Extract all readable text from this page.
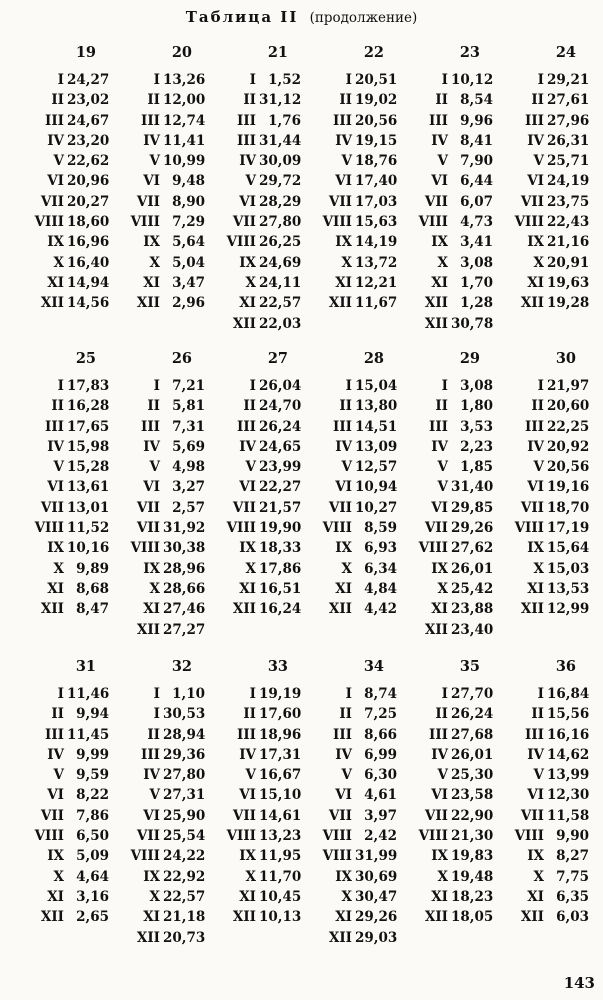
Таблица II (продолжение)
19
I 24,27
II 23,02
III 24,67
IV 23,20
V 22,62
VI 20,96
VII 20,27
VIII 18,60
IX 16,96
X 16,40
XI 14,94
XII 14,56
20
I 13,26
II 12,00
III 12,74
IV 11,41
V 10,99
VI 9,48
VII 8,90
VIII 7,29
IX 5,64
X 5,04
XI 3,47
XII 2,96
21
I 1,52
II 31,12
III 1,76
III 31,44
IV 30,09
V 29,72
VI 28,29
VII 27,80
VIII 26,25
IX 24,69
X 24,11
XI 22,57
XII 22,03
22
I 20,51
II 19,02
III 20,56
IV 19,15
V 18,76
VI 17,40
VII 17,03
VIII 15,63
IX 14,19
X 13,72
XI 12,21
XII 11,67
23
I 10,12
II 8,54
III 9,96
IV 8,41
V 7,90
VI 6,44
VII 6,07
VIII 4,73
IX 3,41
X 3,08
XI 1,70
XII 1,28
XII 30,78
24
I 29,21
II 27,61
III 27,96
IV 26,31
V 25,71
VI 24,19
VII 23,75
VIII 22,43
IX 21,16
X 20,91
XI 19,63
XII 19,28
25
I 17,83
II 16,28
III 17,65
IV 15,98
V 15,28
VI 13,61
VII 13,01
VIII 11,52
IX 10,16
X 9,89
XI 8,68
XII 8,47
26
I 7,21
II 5,81
III 7,31
IV 5,69
V 4,98
VI 3,27
VII 2,57
VII 31,92
VIII 30,38
IX 28,96
X 28,66
XI 27,46
XII 27,27
27
I 26,04
II 24,70
III 26,24
IV 24,65
V 23,99
VI 22,27
VII 21,57
VIII 19,90
IX 18,33
X 17,86
XI 16,51
XII 16,24
28
I 15,04
II 13,80
III 14,51
IV 13,09
V 12,57
VI 10,94
VII 10,27
VIII 8,59
IX 6,93
X 6,34
XI 4,84
XII 4,42
29
I 3,08
II 1,80
III 3,53
IV 2,23
V 1,85
V 31,40
VI 29,85
VII 29,26
VIII 27,62
IX 26,01
X 25,42
XI 23,88
XII 23,40
30
I 21,97
II 20,60
III 22,25
IV 20,92
V 20,56
VI 19,16
VII 18,70
VIII 17,19
IX 15,64
X 15,03
XI 13,53
XII 12,99
31
I 11,46
II 9,94
III 11,45
IV 9,99
V 9,59
VI 8,22
VII 7,86
VIII 6,50
IX 5,09
X 4,64
XI 3,16
XII 2,65
32
I 1,10
I 30,53
II 28,94
III 29,36
IV 27,80
V 27,31
VI 25,90
VII 25,54
VIII 24,22
IX 22,92
X 22,57
XI 21,18
XII 20,73
33
I 19,19
II 17,60
III 18,96
IV 17,31
V 16,67
VI 15,10
VII 14,61
VIII 13,23
IX 11,95
X 11,70
XI 10,45
XII 10,13
34
I 8,74
II 7,25
III 8,66
IV 6,99
V 6,30
VI 4,61
VII 3,97
VIII 2,42
VIII 31,99
IX 30,69
X 30,47
XI 29,26
XII 29,03
35
I 27,70
II 26,24
III 27,68
IV 26,01
V 25,30
VI 23,58
VII 22,90
VIII 21,30
IX 19,83
X 19,48
XI 18,23
XII 18,05
36
I 16,84
II 15,56
III 16,16
IV 14,62
V 13,99
VI 12,30
VII 11,58
VIII 9,90
IX 8,27
X 7,75
XI 6,35
XII 6,03
143
